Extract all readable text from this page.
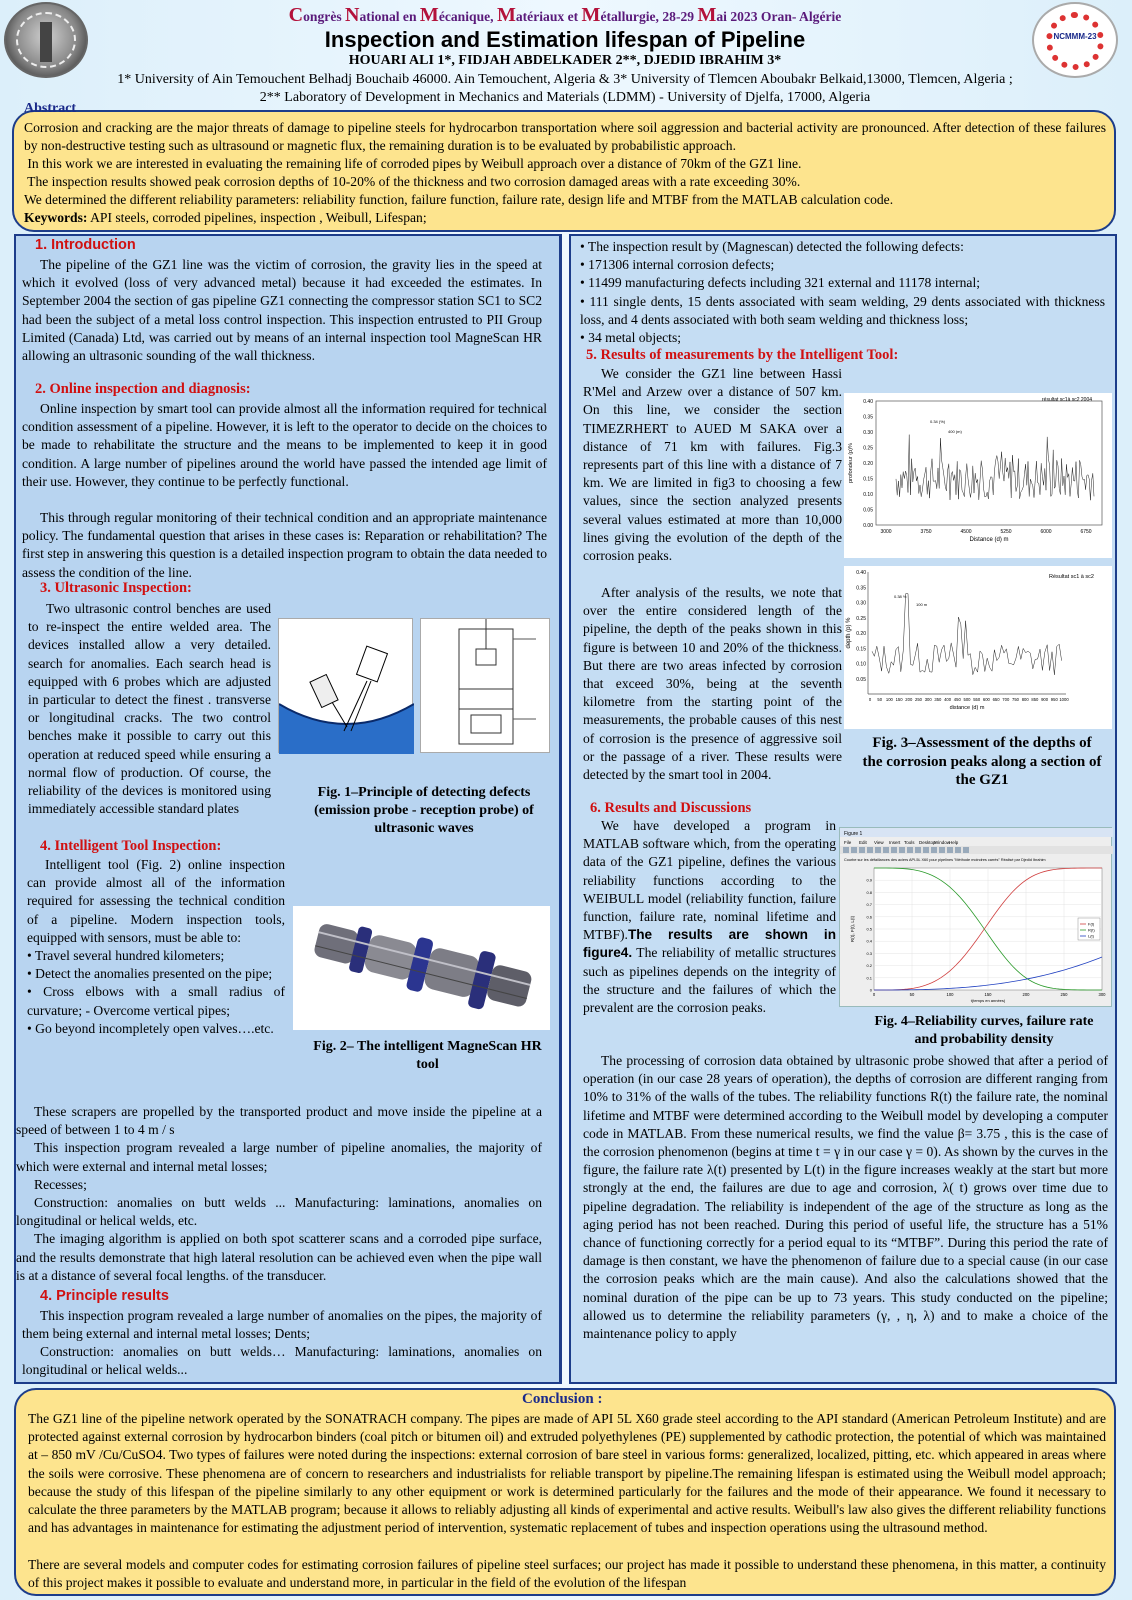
NCMMM-23
Congrès National en Mécanique, Matériaux et Métallurgie, 28-29 Mai 2023 Oran- Algérie
Inspection and Estimation lifespan of Pipeline
HOUARI ALI 1*, FIDJAH ABDELKADER 2**, DJEDID IBRAHIM 3*
1* University of Ain Temouchent Belhadj Bouchaib 46000. Ain Temouchent, Algeria & 3* University of Tlemcen Aboubakr Belkaid,13000, Tlemcen, Algeria ;
2** Laboratory of Development in Mechanics and Materials (LDMM) - University of Djelfa, 17000, Algeria
Abstract
Corrosion and cracking are the major threats of damage to pipeline steels for hydrocarbon transportation where soil aggression and bacterial activity are pronounced. After detection of these failures by non-destructive testing such as ultrasound or magnetic flux, the remaining duration is to be evaluated by probabilistic approach.
In this work we are interested in evaluating the remaining life of corroded pipes by Weibull approach over a distance of 70km of the GZ1 line.
The inspection results showed peak corrosion depths of 10-20% of the thickness and two corrosion damaged areas with a rate exceeding 30%.
We determined the different reliability parameters: reliability function, failure function, failure rate, design life and MTBF from the MATLAB calculation code.
Keywords: API steels, corroded pipelines, inspection , Weibull, Lifespan;
1. Introduction
The pipeline of the GZ1 line was the victim of corrosion, the gravity lies in the speed at which it evolved (loss of very advanced metal) because it had exceeded the estimates. In September 2004 the section of gas pipeline GZ1 connecting the compressor station SC1 to SC2 had been the subject of a metal loss control inspection. This inspection entrusted to PII Group Limited (Canada) Ltd, was carried out by means of an internal inspection tool MagneScan HR allowing an ultrasonic sounding of the wall thickness.
2. Online inspection and diagnosis:
Online inspection by smart tool can provide almost all the information required for technical condition assessment of a pipeline. However, it is left to the operator to decide on the choices to be made to rehabilitate the structure and the means to be implemented to keep it in good condition. A large number of pipelines around the world have passed the intended age limit of their use. However, they continue to be perfectly functional.
This through regular monitoring of their technical condition and an appropriate maintenance policy. The fundamental question that arises in these cases is: Reparation or rehabilitation? The first step in answering this question is a detailed inspection program to obtain the data needed to assess the condition of the line.
3. Ultrasonic Inspection:
Two ultrasonic control benches are used to re-inspect the entire welded area. The devices installed allow a very detailed. search for anomalies. Each search head is equipped with 6 probes which are adjusted in particular to detect the finest . transverse or longitudinal cracks. The two control benches make it possible to carry out this operation at reduced speed while ensuring a normal flow of production. Of course, the reliability of the devices is monitored using immediately accessible standard plates
Fig. 1–Principle of detecting defects (emission probe - reception probe) of ultrasonic waves
4. Intelligent Tool Inspection:
Intelligent tool (Fig. 2) online inspection can provide almost all of the information required for assessing the technical condition of a pipeline. Modern inspection tools, equipped with sensors, must be able to:
• Travel several hundred kilometers;
• Detect the anomalies presented on the pipe;
• Cross elbows with a small radius of curvature; - Overcome vertical pipes;
• Go beyond incompletely open valves….etc.
Fig. 2– The intelligent MagneScan HR tool
These scrapers are propelled by the transported product and move inside the pipeline at a speed of between 1 to 4 m / s
This inspection program revealed a large number of pipeline anomalies, the majority of which were external and internal metal losses;
Recesses;
Construction: anomalies on butt welds ... Manufacturing: laminations, anomalies on longitudinal or helical welds, etc.
The imaging algorithm is applied on both spot scatterer scans and a corroded pipe surface, and the results demonstrate that high lateral resolution can be achieved even when the pipe wall is at a distance of several focal lengths. of the transducer.
4. Principle results
This inspection program revealed a large number of anomalies on the pipes, the majority of them being external and internal metal losses; Dents;
Construction: anomalies on butt welds… Manufacturing: laminations, anomalies on longitudinal or helical welds...
• The inspection result by (Magnescan) detected the following defects:
• 171306 internal corrosion defects;
• 11499 manufacturing defects including 321 external and 11178 internal;
• 111 single dents, 15 dents associated with seam welding, 29 dents associated with thickness loss, and 4 dents associated with both seam welding and thickness loss;
• 34 metal objects;
5. Results of measurements by the Intelligent Tool:
We consider the GZ1 line between Hassi R'Mel and Arzew over a distance of 507 km. On this line, we consider the section TIMEZRHERT to AUED M SAKA over a distance of 71 km with failures. Fig.3 represents part of this line with a distance of 7 km. We are limited in fig3 to choosing a few values, since the section analyzed presents several values estimated at more than 10,000 lines giving the evolution of the depth of the corrosion peaks.
After analysis of the results, we note that over the entire considered length of the pipeline, the depth of the peaks shown in this figure is between 10 and 20% of the thickness. But there are two areas infected by corrosion that exceed 30%, being at the seventh kilometre from the starting point of the measurements, the probable causes of this nest of corrosion is the presence of aggressive soil or the passage of a river. These results were detected by the smart tool in 2004.
0.00
0.05
0.10
0.15
0.20
0.25
0.30
0.35
0.40
3000	3750	4500	5250	6000	6750
Distance (d) m
profondeur (p)%
résultat sc1à sc2 2004
0.34 (%)
400 (m)
0.05
0.10
0.15
0.20
0.25
0.30
0.35
0.40
0 50 100 150 200 250 300 350 400 450 500 550 600 650 700 750 800 850 900 950 1000
distance (d) m
depth (p) %
Résultat sc1 à sc2
0.38 %
100 m
Fig. 3–Assessment of the depths of the corrosion peaks along a section of the GZ1
6. Results and Discussions
We have developed a program in MATLAB software which, from the operating data of the GZ1 pipeline, defines the various reliability functions according to the WEIBULL model (reliability function, failure function, failure rate, nominal lifetime and MTBF).The results are shown in figure4. The reliability of metallic structures such as pipelines depends on the integrity of the structure and the failures of which the prevalent are the corrosion peaks.
Figure 1
File Edit View Insert Tools Desktop
Window
Help
Courbe sur les défaillances des aciers API-5L X60 pour pipelines "Méthode moindres carrés" Réalisé par Djedid Ibrahim
0	50	100	150	200	250	300
0
0.1
0.2
0.3
0.4
0.5
0.6
0.7
0.8
0.9
t(temps en années)
R(t), F(t), L(t)	F(t)
R(t)
L(t)
Fig. 4–Reliability curves, failure rate and probability density
The processing of corrosion data obtained by ultrasonic probe showed that after a period of operation (in our case 28 years of operation), the depths of corrosion are different ranging from 10% to 31% of the walls of the tubes. The reliability functions R(t) the failure rate, the nominal lifetime and MTBF were determined according to the Weibull model by developing a computer code in MATLAB. From these numerical results, we find the value β= 3.75 , this is the case of the corrosion phenomenon (begins at time t = γ in our case γ = 0). As shown by the curves in the figure, the failure rate λ(t) presented by L(t) in the figure increases weakly at the start but more strongly at the end, the failures are due to age and corrosion, λ( t) grows over time due to pipeline degradation. The reliability is independent of the age of the structure as long as the aging period has not been reached. During this period of useful life, the structure has a 51% chance of functioning correctly for a period equal to its “MTBF”. During this period the rate of damage is then constant, we have the phenomenon of failure due to a special cause (in our case the corrosion peaks which are the main cause). And also the calculations showed that the nominal duration of the pipe can be up to 73 years. This study conducted on the pipeline; allowed us to determine the reliability parameters (γ, , η, λ) and to make a choice of the maintenance policy to apply
Conclusion :
The GZ1 line of the pipeline network operated by the SONATRACH company. The pipes are made of API 5L X60 grade steel according to the API standard (American Petroleum Institute) and are protected against external corrosion by hydrocarbon binders (coal pitch or bitumen oil) and extruded polyethylenes (PE) supplemented by cathodic protection, the potential of which was maintained at – 850 mV /Cu/CuSO4. Two types of failures were noted during the inspections: external corrosion of bare steel in various forms: generalized, localized, pitting, etc. which appeared in areas where the soils were corrosive. These phenomena are of concern to researchers and industrialists for reliable transport by pipeline.The remaining lifespan is estimated using the Weibull model approach; because the study of this lifespan of the pipeline similarly to any other equipment or work is determined particularly for the failures and the mode of their appearance. We found it necessary to calculate the three parameters by the MATLAB program; because it allows to reliably adjusting all kinds of experimental and active results. Weibull's law also gives the different reliability functions and has advantages in maintenance for estimating the adjustment period of intervention, systematic replacement of tubes and inspection operations using the ultrasound method.
There are several models and computer codes for estimating corrosion failures of pipeline steel surfaces; our project has made it possible to understand these phenomena, in this matter, a continuity of this project makes it possible to evaluate and understand more, in particular in the field of the evolution of the lifespan
